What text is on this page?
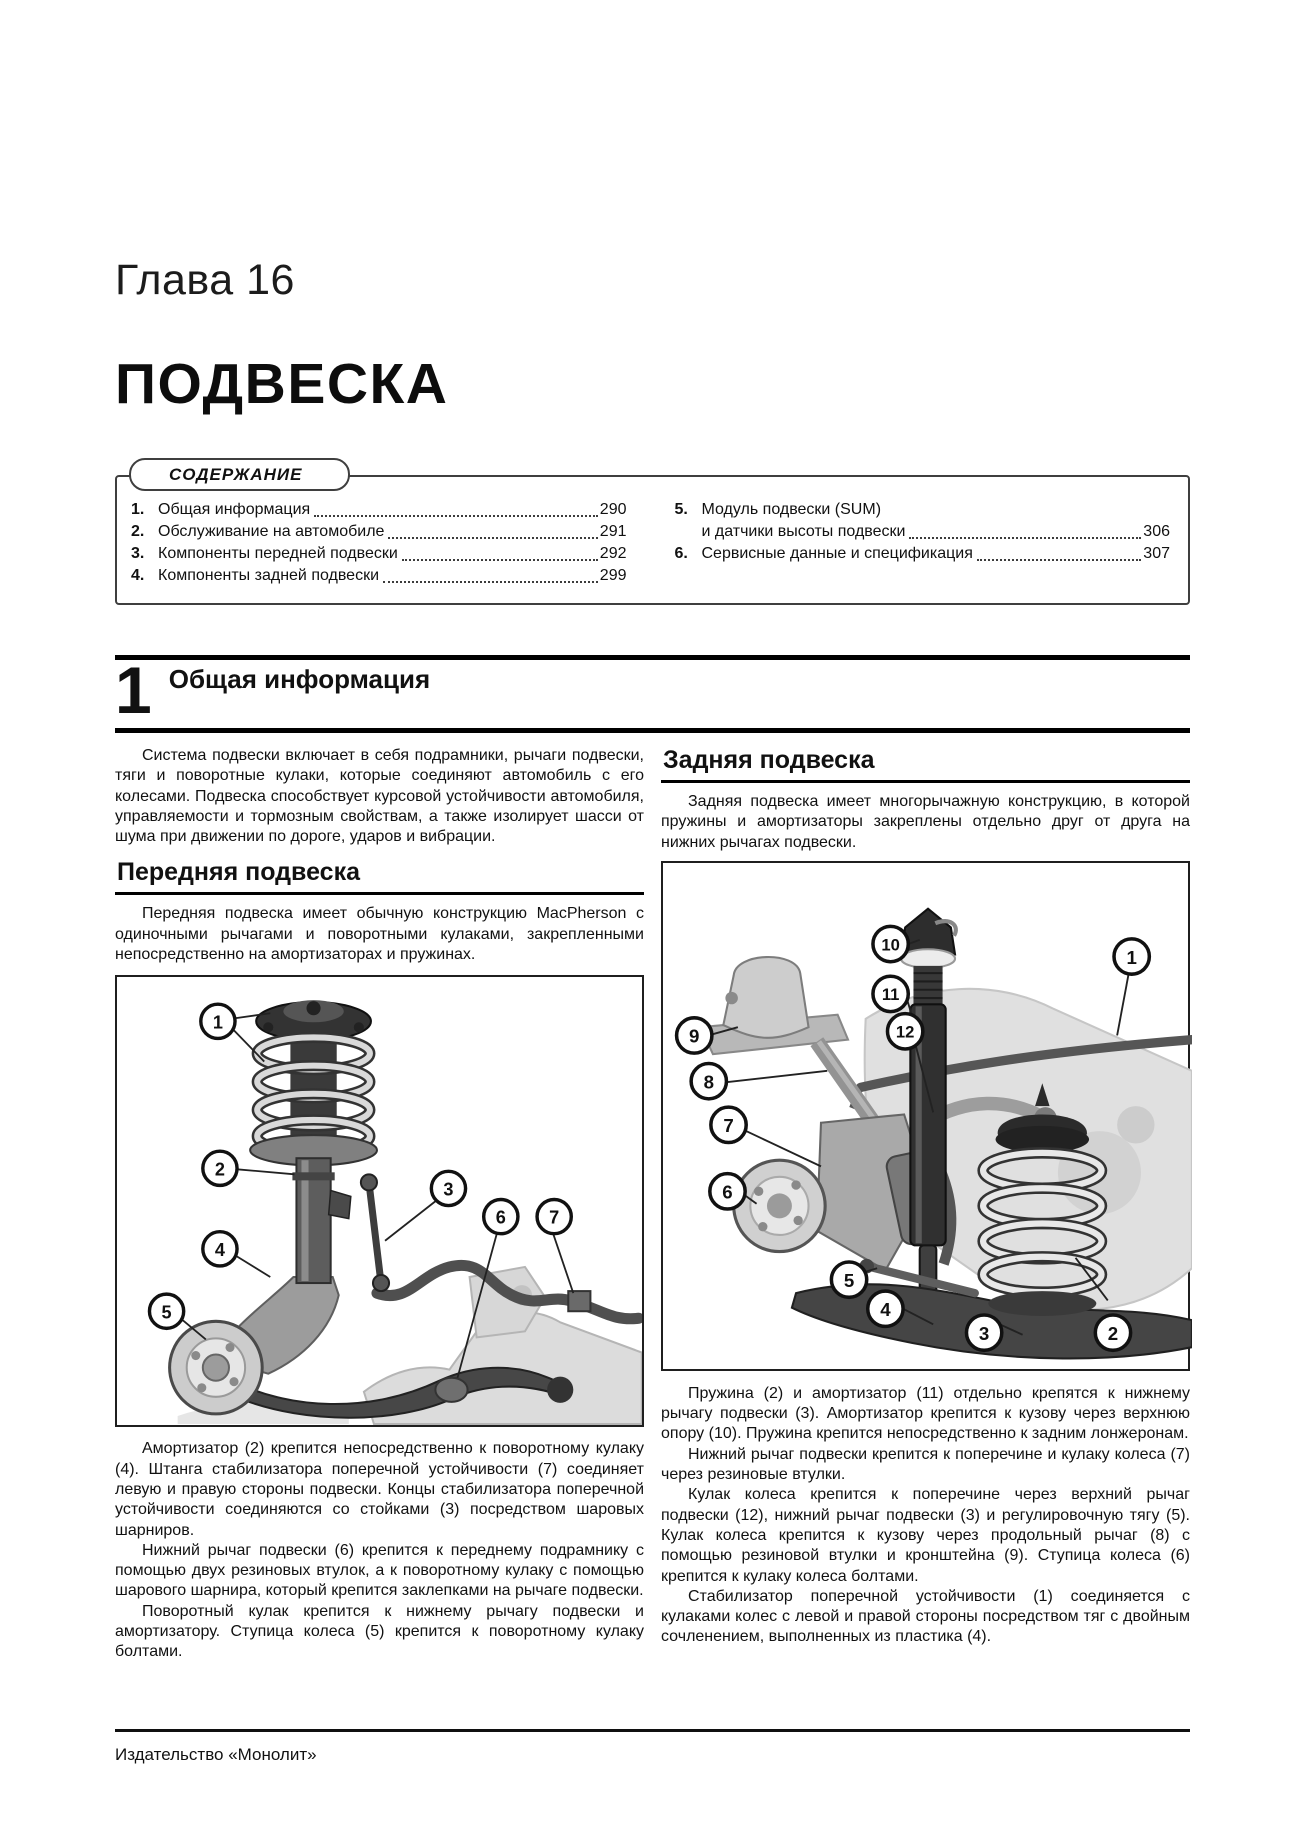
Глава 16
ПОДВЕСКА
СОДЕРЖАНИЕ
1. Общая информация	290
2. Обслуживание на автомобиле	291
3. Компоненты передней подвески	292
4. Компоненты задней подвески	299
5. Модуль подвески (SUM)
и датчики высоты подвески	306
6. Сервисные данные и спецификация	307
1 Общая информация

Система подвески включает в себя подрамники, рычаги подвески, тяги и поворотные кулаки, которые соединяют автомобиль с его колесами. Подвеска способствует курсовой устойчивости автомобиля, управляемости и тормозным свойствам, а также изолирует шасси от шума при движении по дороге, ударов и вибрации.

Передняя подвеска

Передняя подвеска имеет обычную конструкцию MacPherson с одиночными рычагами и поворотными кулаками, закрепленными непосредственно на амортизаторах и пружинах.

1
2
3
4
5
6 7

Амортизатор (2) крепится непосредственно к поворотному кулаку (4). Штанга стабилизатора поперечной устойчивости (7) соединяет левую и правую стороны подвески. Концы стабилизатора поперечной устойчивости соединяются со стойками (3) посредством шаровых шарниров.

Нижний рычаг подвески (6) крепится к переднему подрамнику с помощью двух резиновых втулок, а к поворотному кулаку с помощью шарового шарнира, который крепится заклепками на рычаге подвески.

Поворотный кулак крепится к нижнему рычагу подвески и амортизатору. Ступица колеса (5) крепится к поворотному кулаку болтами.

Задняя подвеска

Задняя подвеска имеет многорычажную конструкцию, в которой пружины и амортизаторы закреплены отдельно друг от друга на нижних рычагах подвески.

10
11
12
9
8
7
6
1
5
4
3	2

Пружина (2) и амортизатор (11) отдельно крепятся к нижнему рычагу подвески (3). Амортизатор крепится к кузову через верхнюю опору (10). Пружина крепится непосредственно к задним лонжеронам.

Нижний рычаг подвески крепится к поперечине и кулаку колеса (7) через резиновые втулки.

Кулак колеса крепится к поперечине через верхний рычаг подвески (12), нижний рычаг подвески (3) и регулировочную тягу (5). Кулак колеса крепится к кузову через продольный рычаг (8) с помощью резиновой втулки и кронштейна (9). Ступица колеса (6) крепится к кулаку колеса болтами.

Стабилизатор поперечной устойчивости (1) соединяется с кулаками колес с левой и правой стороны посредством тяг с двойным сочленением, выполненных из пластика (4).

Издательство «Монолит»
